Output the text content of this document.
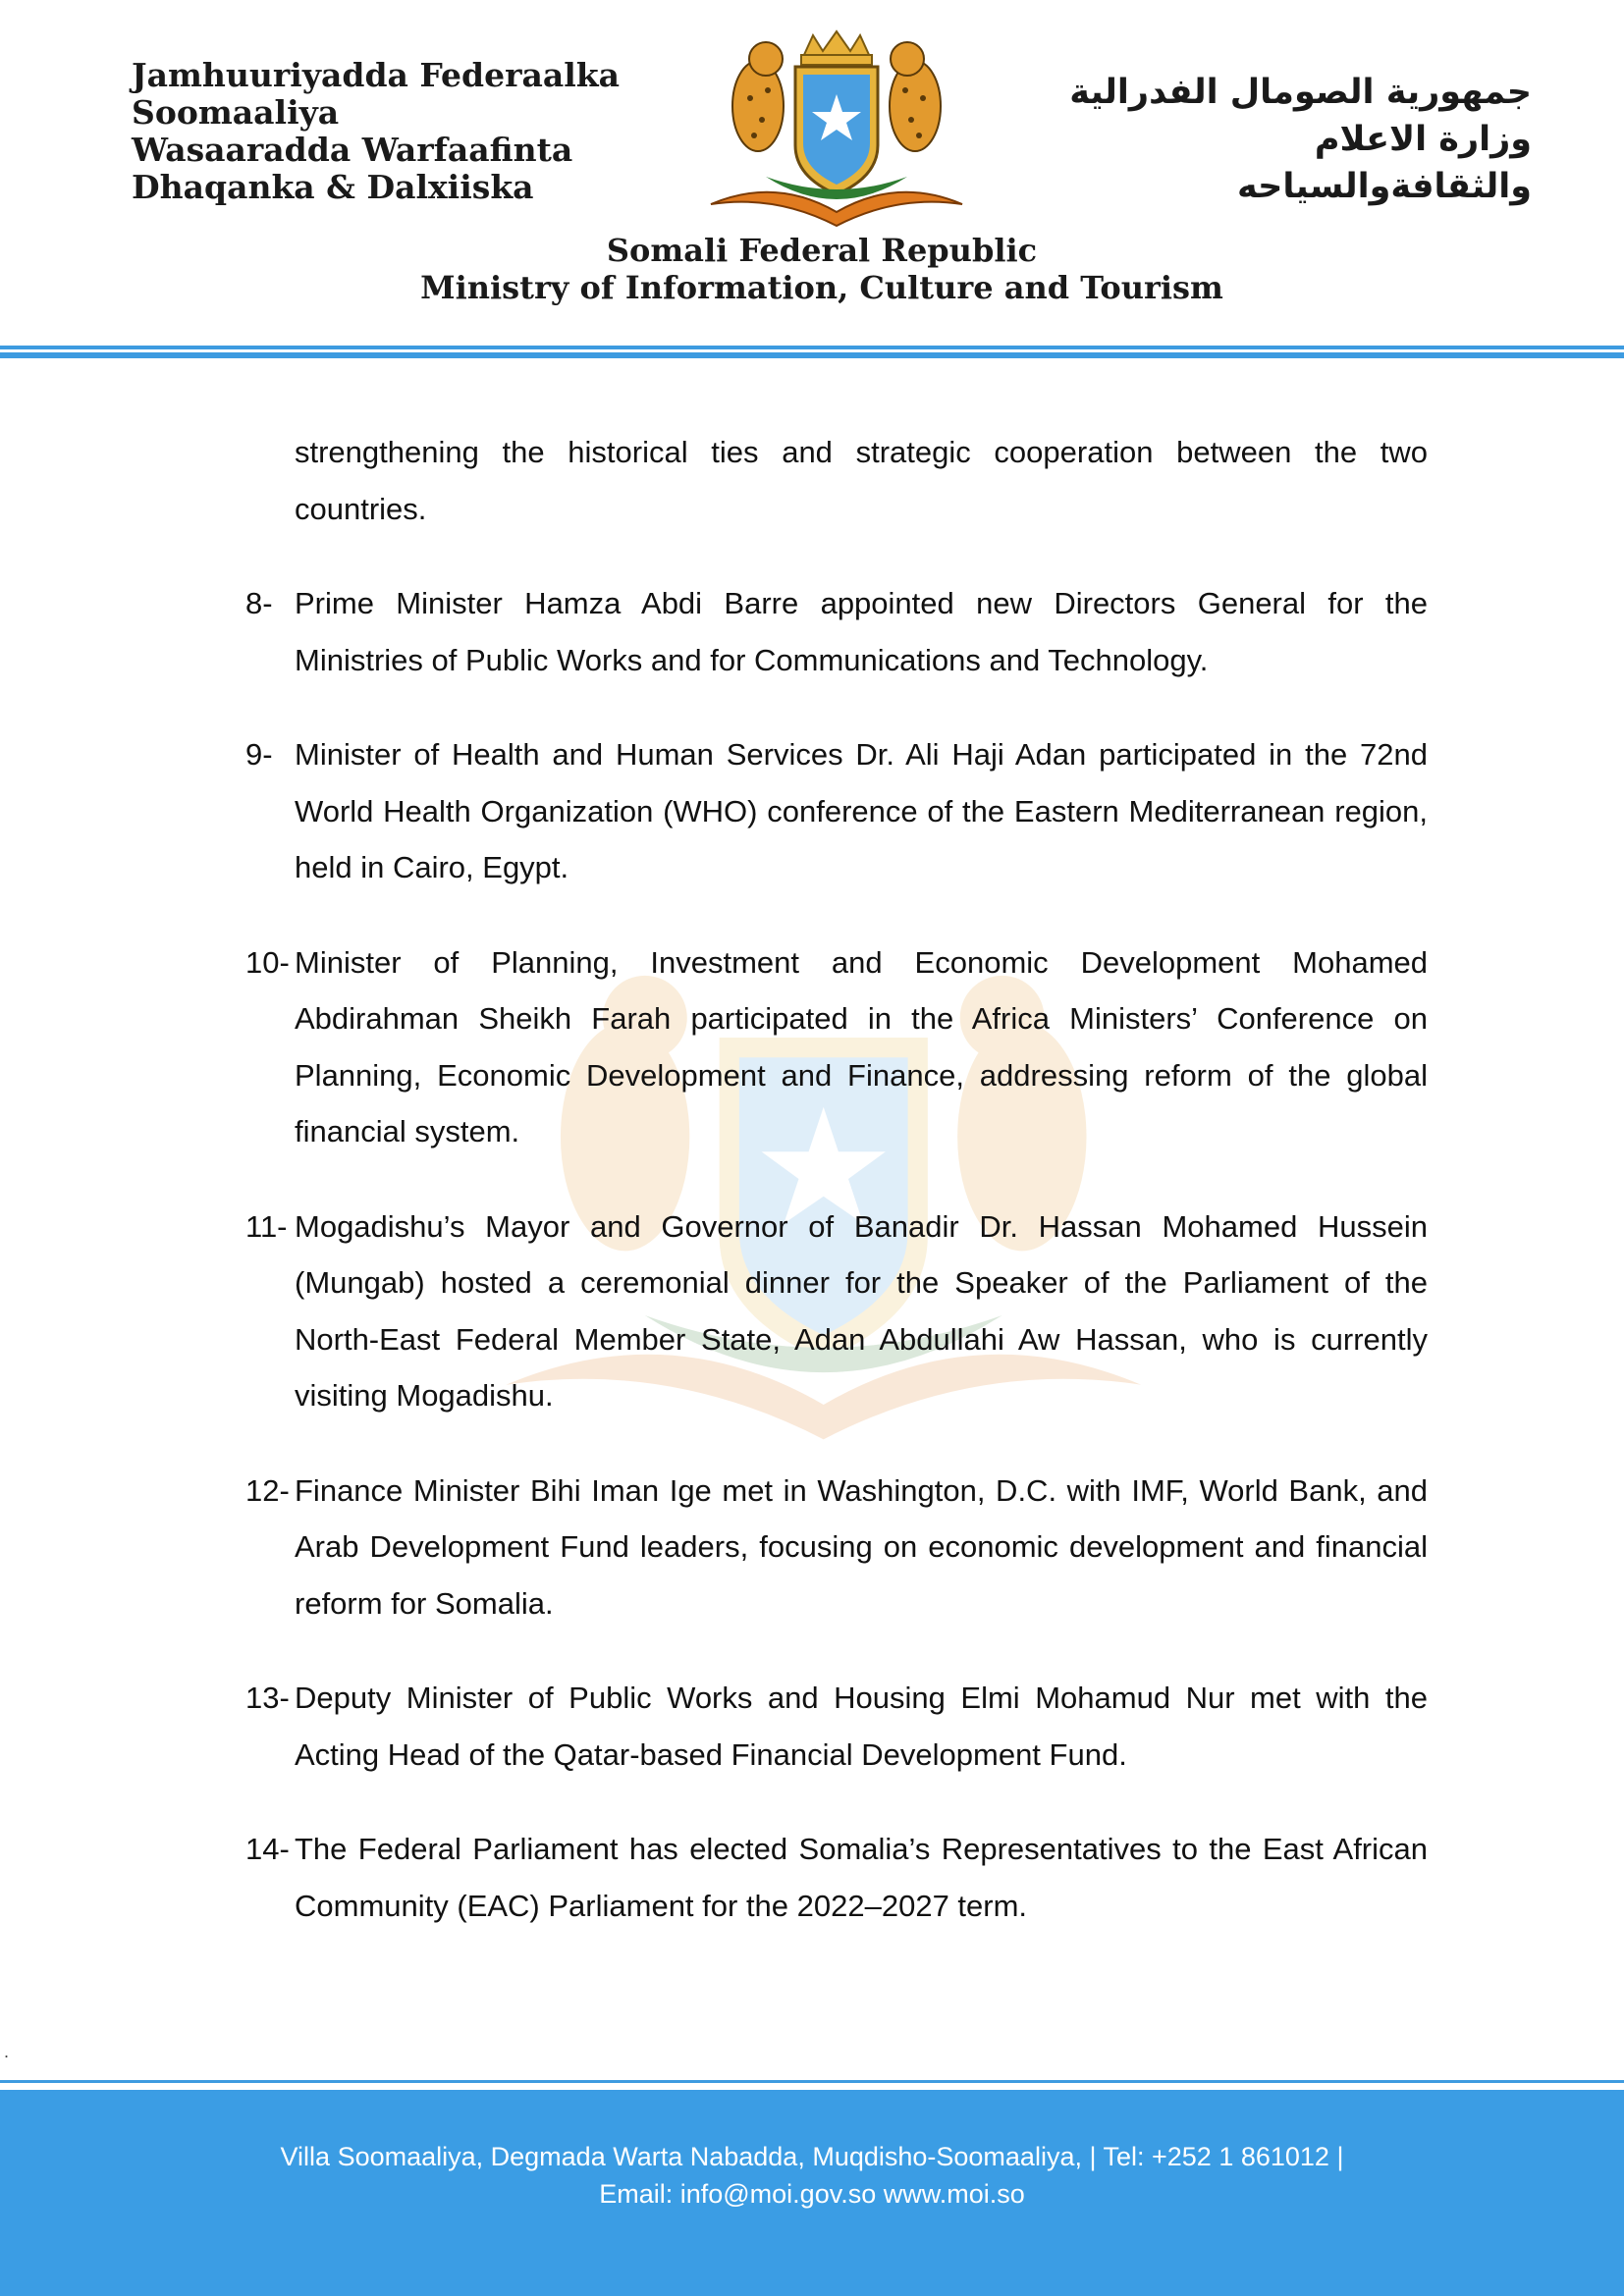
Jamhuuriyadda Federaalka
Soomaaliya
Wasaaradda Warfaafinta
Dhaqanka & Dalxiiska
جمهورية الصومال الفدرالية
وزارة الاعلام
والثقافةوالسياحه
Somali Federal Republic
Ministry of Information, Culture and Tourism
strengthening the historical ties and strategic cooperation between the two countries.
8- Prime Minister Hamza Abdi Barre appointed new Directors General for the Ministries of Public Works and for Communications and Technology.
9- Minister of Health and Human Services Dr. Ali Haji Adan participated in the 72nd World Health Organization (WHO) conference of the Eastern Mediterranean region, held in Cairo, Egypt.
10- Minister of Planning, Investment and Economic Development Mohamed Abdirahman Sheikh Farah participated in the Africa Ministers’ Conference on Planning, Economic Development and Finance, addressing reform of the global financial system.
11- Mogadishu’s Mayor and Governor of Banadir Dr. Hassan Mohamed Hussein (Mungab) hosted a ceremonial dinner for the Speaker of the Parliament of the North-East Federal Member State, Adan Abdullahi Aw Hassan, who is currently visiting Mogadishu.
12- Finance Minister Bihi Iman Ige met in Washington, D.C. with IMF, World Bank, and Arab Development Fund leaders, focusing on economic development and financial reform for Somalia.
13- Deputy Minister of Public Works and Housing Elmi Mohamud Nur met with the Acting Head of the Qatar-based Financial Development Fund.
14- The Federal Parliament has elected Somalia’s Representatives to the East African Community (EAC) Parliament for the 2022–2027 term.
.
Villa Soomaaliya, Degmada Warta Nabadda, Muqdisho-Soomaaliya, | Tel: +252 1 861012 |
Email: info@moi.gov.so www.moi.so
